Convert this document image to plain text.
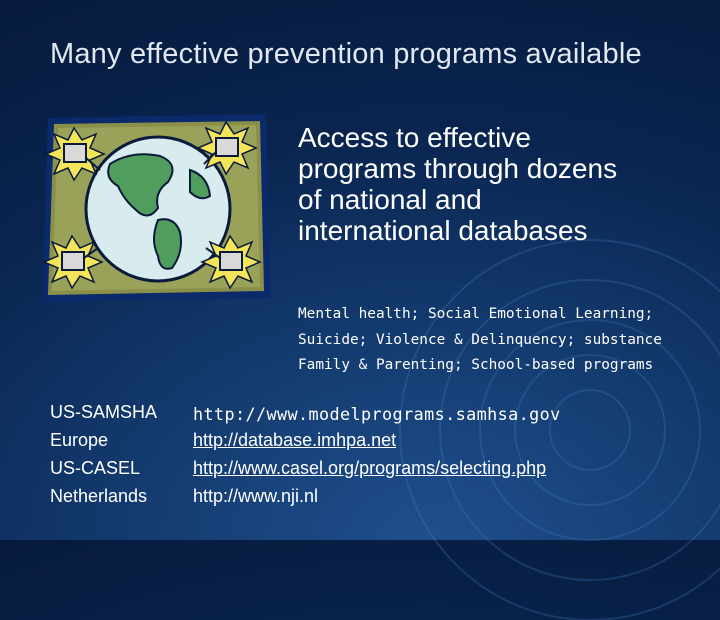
Many effective prevention programs available
Access to effective
programs through dozens
of national and
international databases
Mental health; Social Emotional Learning;
Suicide; Violence & Delinquency; substance
Family & Parenting; School-based programs
US-SAMSHA http://www.modelprograms.samhsa.gov
Europe	http://database.imhpa.net
US-CASEL	http://www.casel.org/programs/selecting.php
Netherlands	http://www.nji.nl
